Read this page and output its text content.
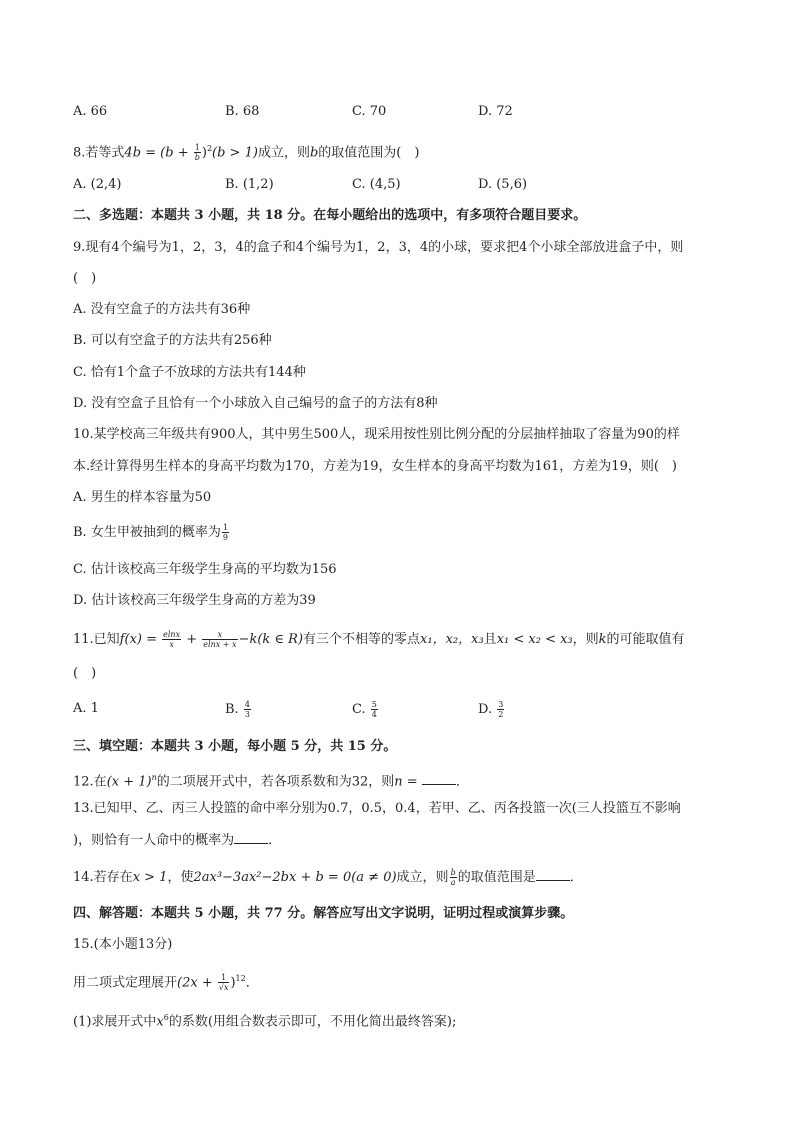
A. 66	B. 68	C. 70	D. 72
8.若等式$4b = (b + \frac{1}{b} )^2(b > 1)$成立，则b的取值范围为(　)
A. (2,4)	B. (1,2)	C. (4,5)	D. (5,6)
二、多选题：本题共 3 小题，共 18 分。在每小题给出的选项中，有多项符合题目要求。
9.现有4个编号为1，2，3，4的盒子和4个编号为1，2，3，4的小球，要求把4个小球全部放进盒子中，则
(　)
A. 没有空盒子的方法共有36种
B. 可以有空盒子的方法共有256种
C. 恰有1个盒子不放球的方法共有144种
D. 没有空盒子且恰有一个小球放入自己编号的盒子的方法有8种
10.某学校高三年级共有900人，其中男生500人，现采用按性别比例分配的分层抽样抽取了容量为90的样
本.经计算得男生样本的身高平均数为170，方差为19，女生样本的身高平均数为161，方差为19，则(　)
A. 男生的样本容量为50
B. 女生甲被抽到的概率为 $\frac{1}{9}$
C. 估计该校高三年级学生身高的平均数为156
D. 估计该校高三年级学生身高的方差为39
11.已知$f(x) = \frac{elnx}{x} + \frac{x}{elnx + x} -k(k$ ∈ R)有三个不相等的零点x₁，x₂，x₃且x₁ < x₂ < x₃，则k的可能取值有
(　)
A. 1	B. $\frac{4}{3}$	C. $\frac{5}{4}$	D. $\frac{3}{2}$
三、填空题：本题共 3 小题，每小题 5 分，共 15 分。
12.在$(x + 1)^n$的二项展开式中，若各项系数和为32，则n =	．
13.已知甲、乙、丙三人投篮的命中率分别为0.7，0.5，0.4，若甲、乙、丙各投篮一次(三人投篮互不影响
)，则恰有一人命中的概率为	．
14.若存在x > 1，使2ax³−3ax²−2bx + b = 0(a ≠ 0)成立，则 $\frac{b}{a}$ 的取值范围是	．
四、解答题：本题共 5 小题，共 77 分。解答应写出文字说明，证明过程或演算步骤。
15.(本小题13分)
用二项式定理展开$(2x + \frac{1}{√x} )^{12}$．
(1)求展开式中$x^6$的系数(用组合数表示即可，不用化简出最终答案);
